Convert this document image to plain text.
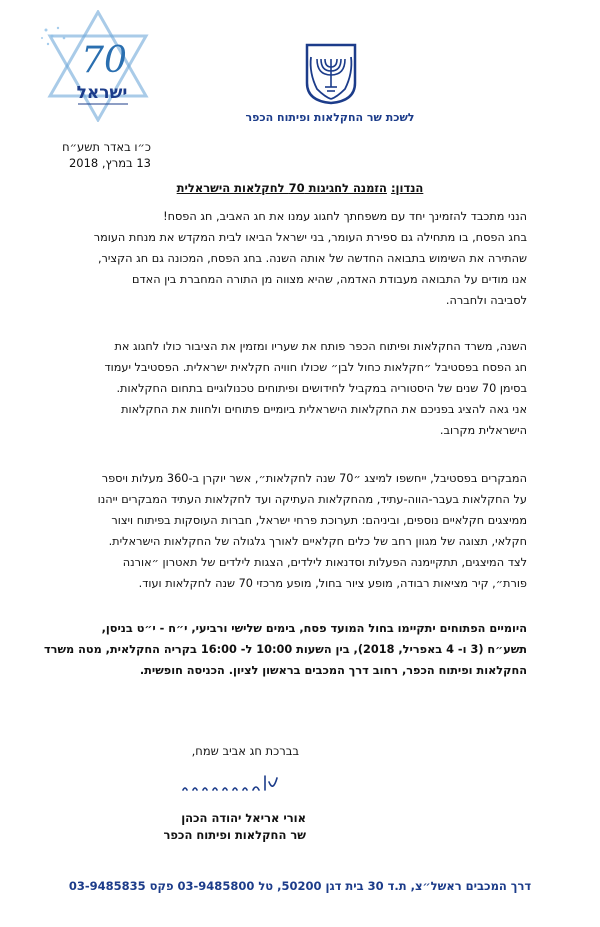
70
ישראל
לשכת שר החקלאות ופיתוח הכפר
כ״ו באדר תשע״ח
13 במרץ, 2018
הנדון: הזמנה לחגיגות 70 לחקלאות הישראלית
הנני מתכבד להזמינך יחד עם משפחתך לחגוג עמנו את חג האביב, חג הפסח!
בחג הפסח, בו מתחילה גם ספירת העומר, בני ישראל הביאו לבית המקדש את מנחת העומר
שהתירה את השימוש בתבואה החדשה של אותה השנה. בחג הפסח, המכונה גם חג הקציר,
אנו מודים על התבואה מעבודת האדמה, שהיא מצווה מן התורה המחברת בין האדם
לסביבה ולחברה.
השנה, משרד החקלאות ופיתוח הכפר פותח את שעריו ומזמין את הציבור כולו לחגוג את
חג הפסח בפסטיבל ״חקלאות כחול לבן״ שכולו חוויה חקלאית ישראלית. הפסטיבל יעמוד
בסימן 70 שנים של היסטוריה במקביל לחידושים ופיתוחים טכנולוגיים בתחום החקלאות.
אני גאה להציג בפניכם את החקלאות הישראלית ביומיים פתוחים ולחוות את החקלאות
הישראלית מקרוב.
המבקרים בפסטיבל, ייחשפו למיצג ״70 שנה לחקלאות״, אשר יוקרן ב-360 מעלות ויספר
על החקלאות בעבר-הווה-עתיד, מהחקלאות העתיקה ועד לחקלאות העתיד המבקרים ייהנו
ממיצגים חקלאיים נוספים, וביניהם: תערוכת פרחי ישראל, חברות העוסקות בפיתוח ויצור
חקלאי, תצוגה של מגוון רחב של כלים חקלאיים לאורך גלגולה של החקלאות הישראלית.
לצד המיצגים, תתקיימנה הפעלות וסדנאות לילדים, הצגות לילדים של תאטרון ״אורנה
פורת״, קיר מציאות רבודה, מופע ציור בחול, מופע מרכזי 70 שנה לחקלאות ועוד.
היומיים הפתוחים יתקיימו בחול המועד פסח, בימים שלישי ורביעי, י״ח - י״ט בניסן,
תשע״ח (3 ו- 4 באפריל, 2018), בין השעות 10:00 ל- 16:00 בקריה החקלאית, מטה משרד
החקלאות ופיתוח הכפר, רחוב דרך המכבים בראשון לציון. הכניסה חופשית.
בברכת חג אביב שמח,
אורי אריאל יהודה הכהן
שר החקלאות ופיתוח הכפר
דרך המכבים ראשל״צ, ת.ד 30 בית דגן 50200, טל 03-9485800 פקס 03-9485835
